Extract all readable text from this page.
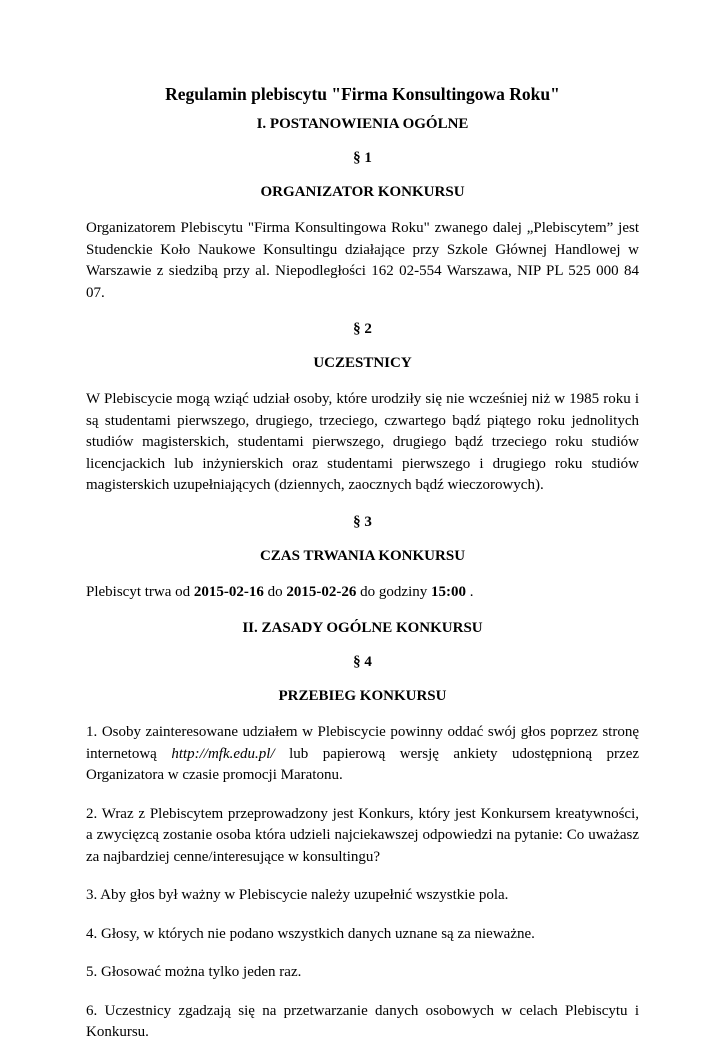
Regulamin plebiscytu "Firma Konsultingowa Roku"

I. POSTANOWIENIA OGÓLNE

§ 1

ORGANIZATOR KONKURSU

Organizatorem Plebiscytu "Firma Konsultingowa Roku" zwanego dalej „Plebiscytem” jest Studenckie Koło Naukowe Konsultingu działające przy Szkole Głównej Handlowej w Warszawie z siedzibą przy al. Niepodległości 162 02-554 Warszawa, NIP PL 525 000 84 07.

§ 2

UCZESTNICY

W Plebiscycie mogą wziąć udział osoby, które urodziły się nie wcześniej niż w 1985 roku i są studentami pierwszego, drugiego, trzeciego, czwartego bądź piątego roku jednolitych studiów magisterskich, studentami pierwszego, drugiego bądź trzeciego roku studiów licencjackich lub inżynierskich oraz studentami pierwszego i drugiego roku studiów magisterskich uzupełniających (dziennych, zaocznych bądź wieczorowych).

§ 3

CZAS TRWANIA KONKURSU

Plebiscyt trwa od 2015-02-16 do 2015-02-26 do godziny 15:00 .

II. ZASADY OGÓLNE KONKURSU

§ 4

PRZEBIEG KONKURSU

1. Osoby zainteresowane udziałem w Plebiscycie powinny oddać swój głos poprzez stronę internetową http://mfk.edu.pl/ lub papierową wersję ankiety udostępnioną przez Organizatora w czasie promocji Maratonu.

2. Wraz z Plebiscytem przeprowadzony jest Konkurs, który jest Konkursem kreatywności, a zwycięzcą zostanie osoba która udzieli najciekawszej odpowiedzi na pytanie: Co uważasz za najbardziej cenne/interesujące w konsultingu?

3. Aby głos był ważny w Plebiscycie należy uzupełnić wszystkie pola.

4. Głosy, w których nie podano wszystkich danych uznane są za nieważne.

5. Głosować można tylko jeden raz.

6. Uczestnicy zgadzają się na przetwarzanie danych osobowych w celach Plebiscytu i Konkursu.
